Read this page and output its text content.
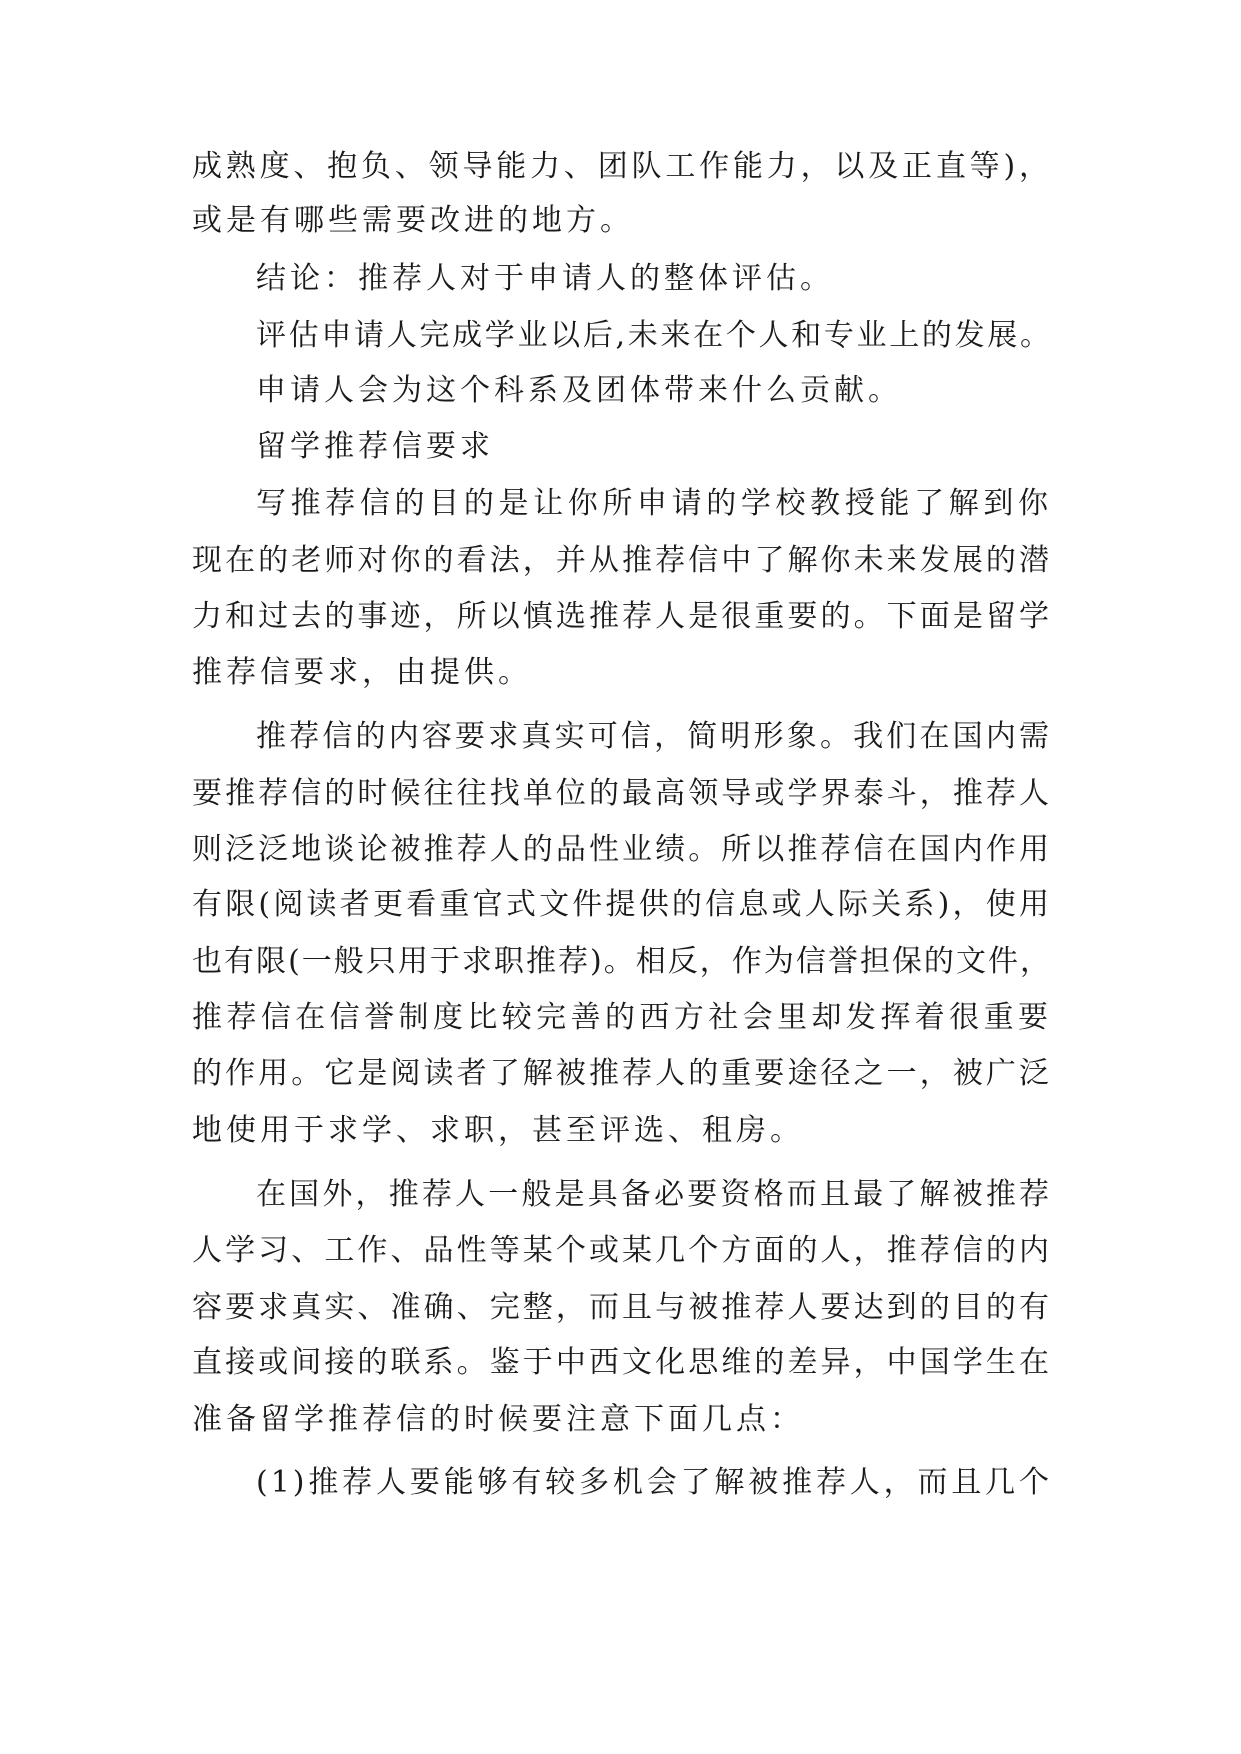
成熟度、抱负、领导能力、团队工作能力，以及正直等)，
或是有哪些需要改进的地方。
结论：推荐人对于申请人的整体评估。
评估申请人完成学业以后,未来在个人和专业上的发展。
申请人会为这个科系及团体带来什么贡献。
留学推荐信要求
写推荐信的目的是让你所申请的学校教授能了解到你
现在的老师对你的看法，并从推荐信中了解你未来发展的潜
力和过去的事迹，所以慎选推荐人是很重要的。下面是留学
推荐信要求，由提供。
推荐信的内容要求真实可信，简明形象。我们在国内需
要推荐信的时候往往找单位的最高领导或学界泰斗，推荐人
则泛泛地谈论被推荐人的品性业绩。所以推荐信在国内作用
有限(阅读者更看重官式文件提供的信息或人际关系)，使用
也有限(一般只用于求职推荐)。相反，作为信誉担保的文件，
推荐信在信誉制度比较完善的西方社会里却发挥着很重要
的作用。它是阅读者了解被推荐人的重要途径之一，被广泛
地使用于求学、求职，甚至评选、租房。
在国外，推荐人一般是具备必要资格而且最了解被推荐
人学习、工作、品性等某个或某几个方面的人，推荐信的内
容要求真实、准确、完整，而且与被推荐人要达到的目的有
直接或间接的联系。鉴于中西文化思维的差异，中国学生在
准备留学推荐信的时候要注意下面几点：
(1)推荐人要能够有较多机会了解被推荐人，而且几个
